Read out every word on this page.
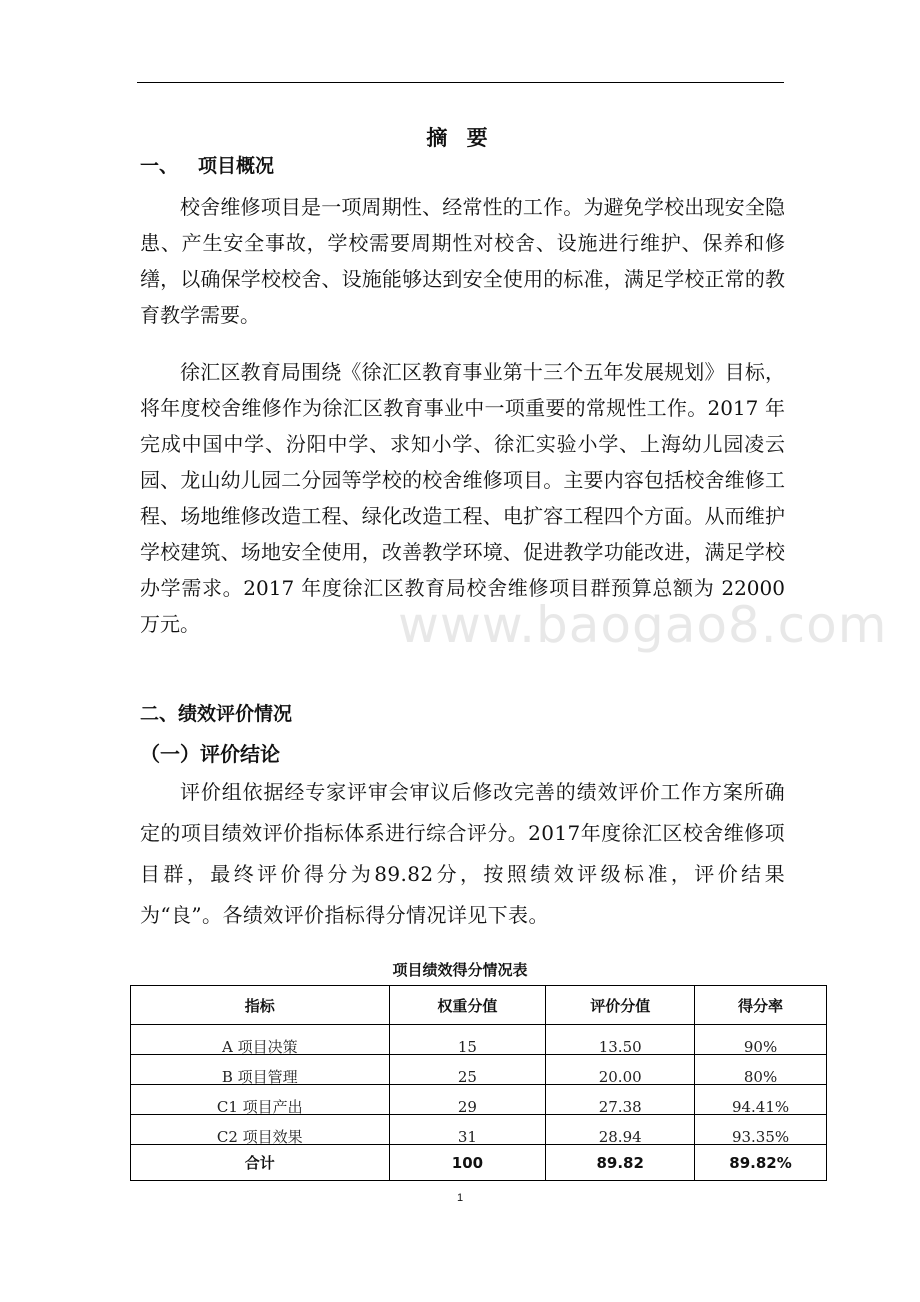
摘 要
一、 项目概况

校舍维修项目是一项周期性、经常性的工作。为避免学校出现安全隐患、产生安全事故，学校需要周期性对校舍、设施进行维护、保养和修缮，以确保学校校舍、设施能够达到安全使用的标准，满足学校正常的教育教学需要。

徐汇区教育局围绕《徐汇区教育事业第十三个五年发展规划》目标，将年度校舍维修作为徐汇区教育事业中一项重要的常规性工作。2017 年完成中国中学、汾阳中学、求知小学、徐汇实验小学、上海幼儿园凌云园、龙山幼儿园二分园等学校的校舍维修项目。主要内容包括校舍维修工程、场地维修改造工程、绿化改造工程、电扩容工程四个方面。从而维护学校建筑、场地安全使用，改善教学环境、促进教学功能改进，满足学校办学需求。2017 年度徐汇区教育局校舍维修项目群预算总额为 22000 万元。

二、绩效评价情况
（一）评价结论

评价组依据经专家评审会审议后修改完善的绩效评价工作方案所确定的项目绩效评价指标体系进行综合评分。2017年度徐汇区校舍维修项目群，最终评价得分为89.82分，按照绩效评级标准，评价结果为“良”。各绩效评价指标得分情况详见下表。

www.baogao8.com
项目绩效得分情况表
指标	权重分值	评价分值	得分率
A 项目决策	15	13.50	90%
B 项目管理	25	20.00	80%
C1 项目产出	29	27.38	94.41%
C2 项目效果	31	28.94	93.35%
合计	100	89.82	89.82%
1
